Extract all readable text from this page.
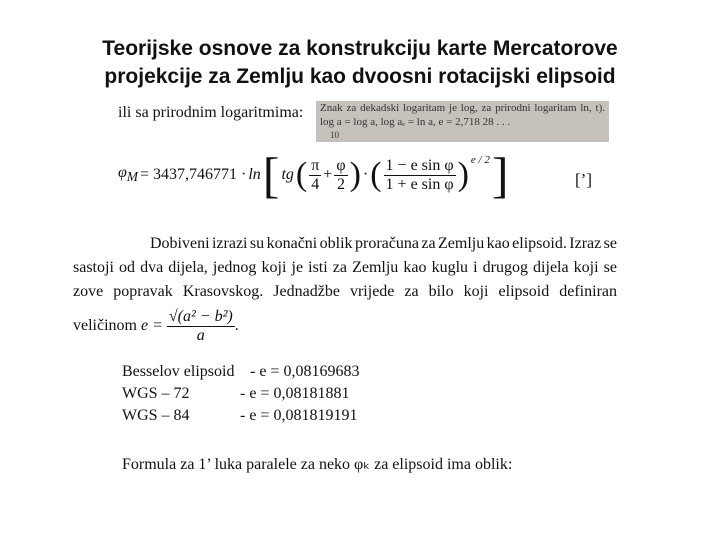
Teorijske osnove za konstrukciju karte Mercatorove
projekcije za Zemlju kao dvoosni rotacijski elipsoid
ili sa prirodnim logaritmima: Znak za dekadski logaritam je log, za prirodni logaritam ln, t).
log a = log a, log aₑ = ln a, e = 2,718 28 . . .
10
$\varphi_M = 3437,746771 \cdot \ln$ [ tg ( $\frac{\pi}{4} + \frac{\varphi}{2}$ ) · ( $\frac{\text{1 − e sin φ}}{\text{1 + e sin φ}}$ ) e / 2 ]	[’]
Dobiveni izrazi su konačni oblik proračuna za Zemlju kao elipsoid. Izraz se
sastoji od dva dijela, jednog koji je isti za Zemlju kao kuglu i drugog dijela koji se
zove popravak Krasovskog. Jednadžbe vrijede za bilo koji elipsoid definiran
veličinom $e = \frac{\text{√(a² − b²)}}{a}$ .
Besselov elipsoid - e = 0,08169683
WGS – 72	- e = 0,08181881
WGS – 84	- e = 0,081819191
Formula za 1’ luka paralele za neko φₖ za elipsoid ima oblik:
